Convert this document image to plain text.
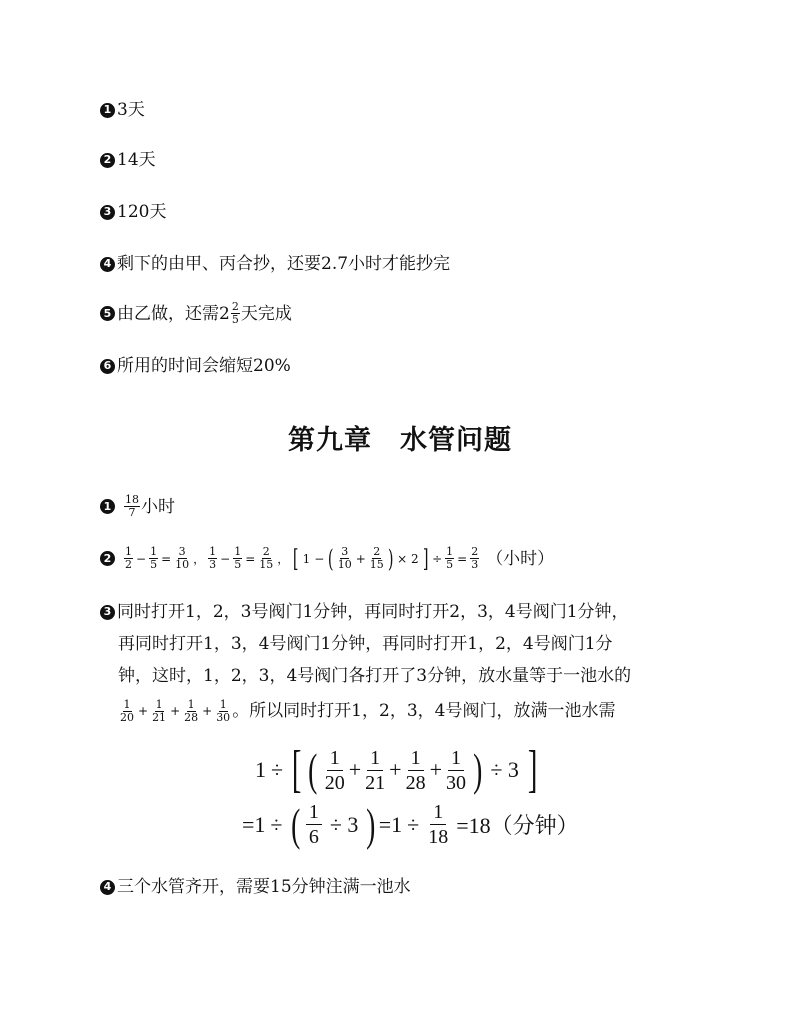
1 3天
2 14天
3 120天
4 剩下的由甲、丙合抄，还要2.7小时才能抄完
5 由乙做，还需$2 \frac{2}{5}$ 天完成
6 所用的时间会缩短20%
第九章　水管问题
1	$\frac{18}{7}$ 小时
2	$\frac{1}{2} - \frac{1}{5} = \frac{3}{10}$ ， $\frac{1}{3} - \frac{1}{5} = \frac{2}{15}$ ， [ 1 − ( $\frac{3}{10} + \frac{2}{15}$ ) × 2 ] ÷ $\frac{1}{5} = \frac{2}{3}$ （小时）
3 同时打开1，2，3号阀门1分钟，再同时打开2，3，4号阀门1分钟，
再同时打开1，3，4号阀门1分钟，再同时打开1，2，4号阀门1分
钟，这时，1，2，3，4号阀门各打开了3分钟，放水量等于一池水的
$\frac{1}{20} + \frac{1}{21} + \frac{1}{28} + \frac{1}{30}$ 。所以同时打开1，2，3，4号阀门，放满一池水需
1 ÷ [ ( $\frac{1}{20} + \frac{1}{21} + \frac{1}{28} + \frac{1}{30}$ ) ÷ 3 ]
=1 ÷ ( $\frac{1}{6} \div 3$ ) $=1 \div \frac{1}{18} =18$（分钟）
4 三个水管齐开，需要15分钟注满一池水
